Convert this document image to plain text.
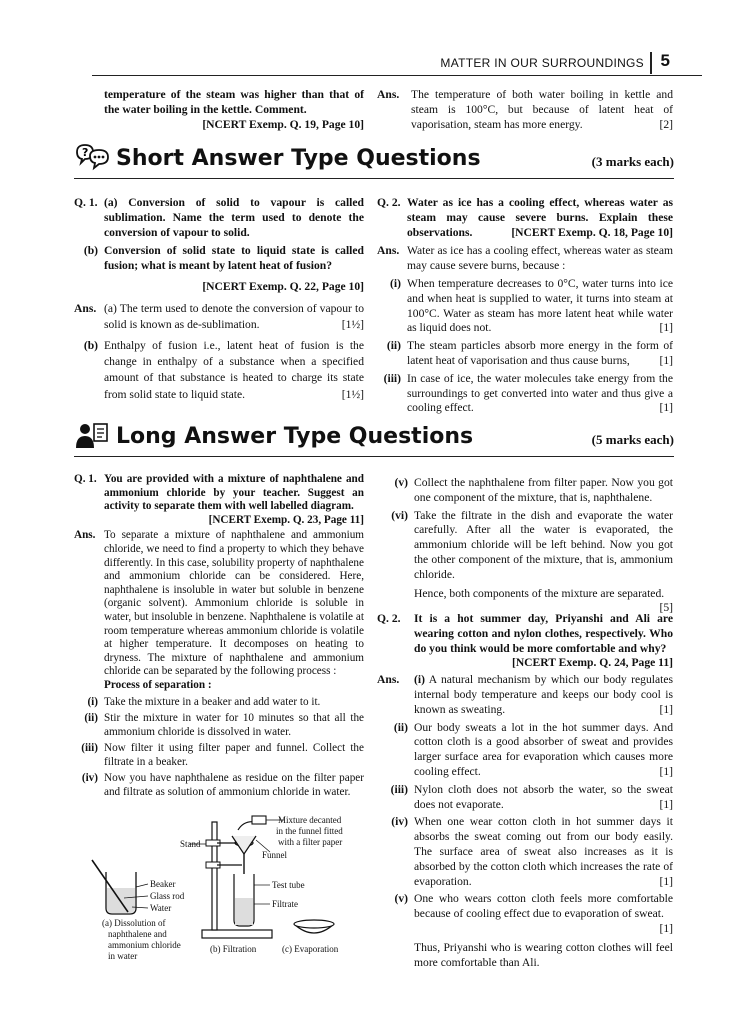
MATTER IN OUR SURROUNDINGS 5

temperature of the steam was higher than that of the water boiling in the kettle. Comment.

[NCERT Exemp. Q. 19, Page 10]

Ans.	The temperature of both water boiling in kettle and steam is 100°C, but because of latent heat of vaporisation, steam has more energy.	[2]
? Short Answer Type Questions	(3 marks each)
Q. 1. (a) Conversion of solid to vapour is called sublimation. Name the term used to denote the conversion of vapour to solid.
(b) Conversion of solid state to liquid state is called fusion; what is meant by latent heat of fusion?

[NCERT Exemp. Q. 22, Page 10]

Ans. (a) The term used to denote the conversion of vapour to solid is known as de-sublimation.	[1½]
(b) Enthalpy of fusion i.e., latent heat of fusion is the change in enthalpy of a substance when a specified amount of that substance is heated to charge its state from solid state to liquid state.	[1½]
Q. 2. Water as ice has a cooling effect, whereas water as steam may cause severe burns. Explain these observations.	[NCERT Exemp. Q. 18, Page 10]
Ans. Water as ice has a cooling effect, whereas water as steam may cause severe burns, because :
(i) When temperature decreases to 0°C, water turns into ice and when heat is supplied to water, it turns into steam at 100°C. Water as steam has more latent heat while water as liquid does not.	[1]
(ii) The steam particles absorb more energy in the form of latent heat of vaporisation and thus cause burns,	[1]
(iii) In case of ice, the water molecules take energy from the surroundings to get converted into water and thus give a cooling effect.	[1]
Long Answer Type Questions	(5 marks each)
Q. 1. You are provided with a mixture of naphthalene and ammonium chloride by your teacher. Suggest an activity to separate them with well labelled diagram.
[NCERT Exemp. Q. 23, Page 11]
Ans. To separate a mixture of naphthalene and ammonium chloride, we need to find a property to which they behave differently. In this case, solubility property of naphthalene and ammonium chloride can be considered. Here, naphthalene is insoluble in water but soluble in benzene (organic solvent). Ammonium chloride is soluble in water, but insoluble in benzene. Naphthalene is volatile at room temperature whereas ammonium chloride is volatile at higher temperature. It decomposes on heating to dryness. The mixture of naphthalene and ammonium chloride can be separated by the following process :
Process of separation :
(i) Take the mixture in a beaker and add water to it.
(ii) Stir the mixture in water for 10 minutes so that all the ammonium chloride is dissolved in water.
(iii) Now filter it using filter paper and funnel. Collect the filtrate in a beaker.
(iv) Now you have naphthalene as residue on the filter paper and filtrate as solution of ammonium chloride in water.
Beaker
Glass rod
Water
(a) Dissolution of
naphthalene and
ammonium chloride
in water
Stand
Funnel
Mixture decanted
in the funnel fitted
with a filter paper
Test tube
Filtrate
(b) Filtration	(c) Evaporation
(v) Collect the naphthalene from filter paper. Now you got one component of the mixture, that is, naphthalene.
(vi) Take the filtrate in the dish and evaporate the water carefully. After all the water is evaporated, the ammonium chloride will be left behind. Now you got the other component of the mixture, that is, ammonium chloride.

Hence, both components of the mixture are separated.

[5]

Q. 2.	It is a hot summer day, Priyanshi and Ali are wearing cotton and nylon clothes, respectively. Who do you think would be more comfortable and why?
[NCERT Exemp. Q. 24, Page 11]
Ans.	(i) A natural mechanism by which our body regulates internal body temperature and keeps our body cool is known as sweating.	[1]
(ii) Our body sweats a lot in the hot summer days. And cotton cloth is a good absorber of sweat and provides larger surface area for evaporation which causes more cooling effect.	[1]
(iii) Nylon cloth does not absorb the water, so the sweat does not evaporate.	[1]
(iv) When one wear cotton cloth in hot summer days it absorbs the sweat coming out from our body easily. The surface area of sweat also increases as it is absorbed by the cotton cloth which increases the rate of evaporation.	[1]
(v) One who wears cotton cloth feels more comfortable because of cooling effect due to evaporation of sweat.
[1]

Thus, Priyanshi who is wearing cotton clothes will feel more comfortable than Ali.
